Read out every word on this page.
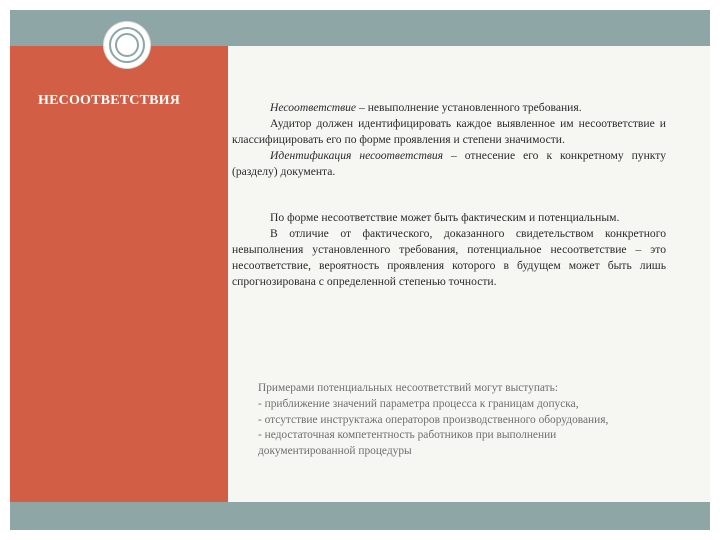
НЕСООТВЕТСТВИЯ	Несоответствие – невыполнение установленного требования.

Аудитор должен идентифицировать каждое выявленное им несоответствие и классифицировать его по форме проявления и степени значимости.

Идентификация несоответствия – отнесение его к конкретному пункту (разделу) документа.

По форме несоответствие может быть фактическим и потенциальным.

В отличие от фактического, доказанного свидетельством конкретного невыполнения установленного требования, потенциальное несоответствие – это несоответствие, вероятность проявления которого в будущем может быть лишь спрогнозирована с определенной степенью точности.

Примерами потенциальных несоответствий могут выступать:
- приближение значений параметра процесса к границам допуска,
- отсутствие инструктажа операторов производственного оборудования,
- недостаточная компетентность работников при выполнении
документированной процедуры
